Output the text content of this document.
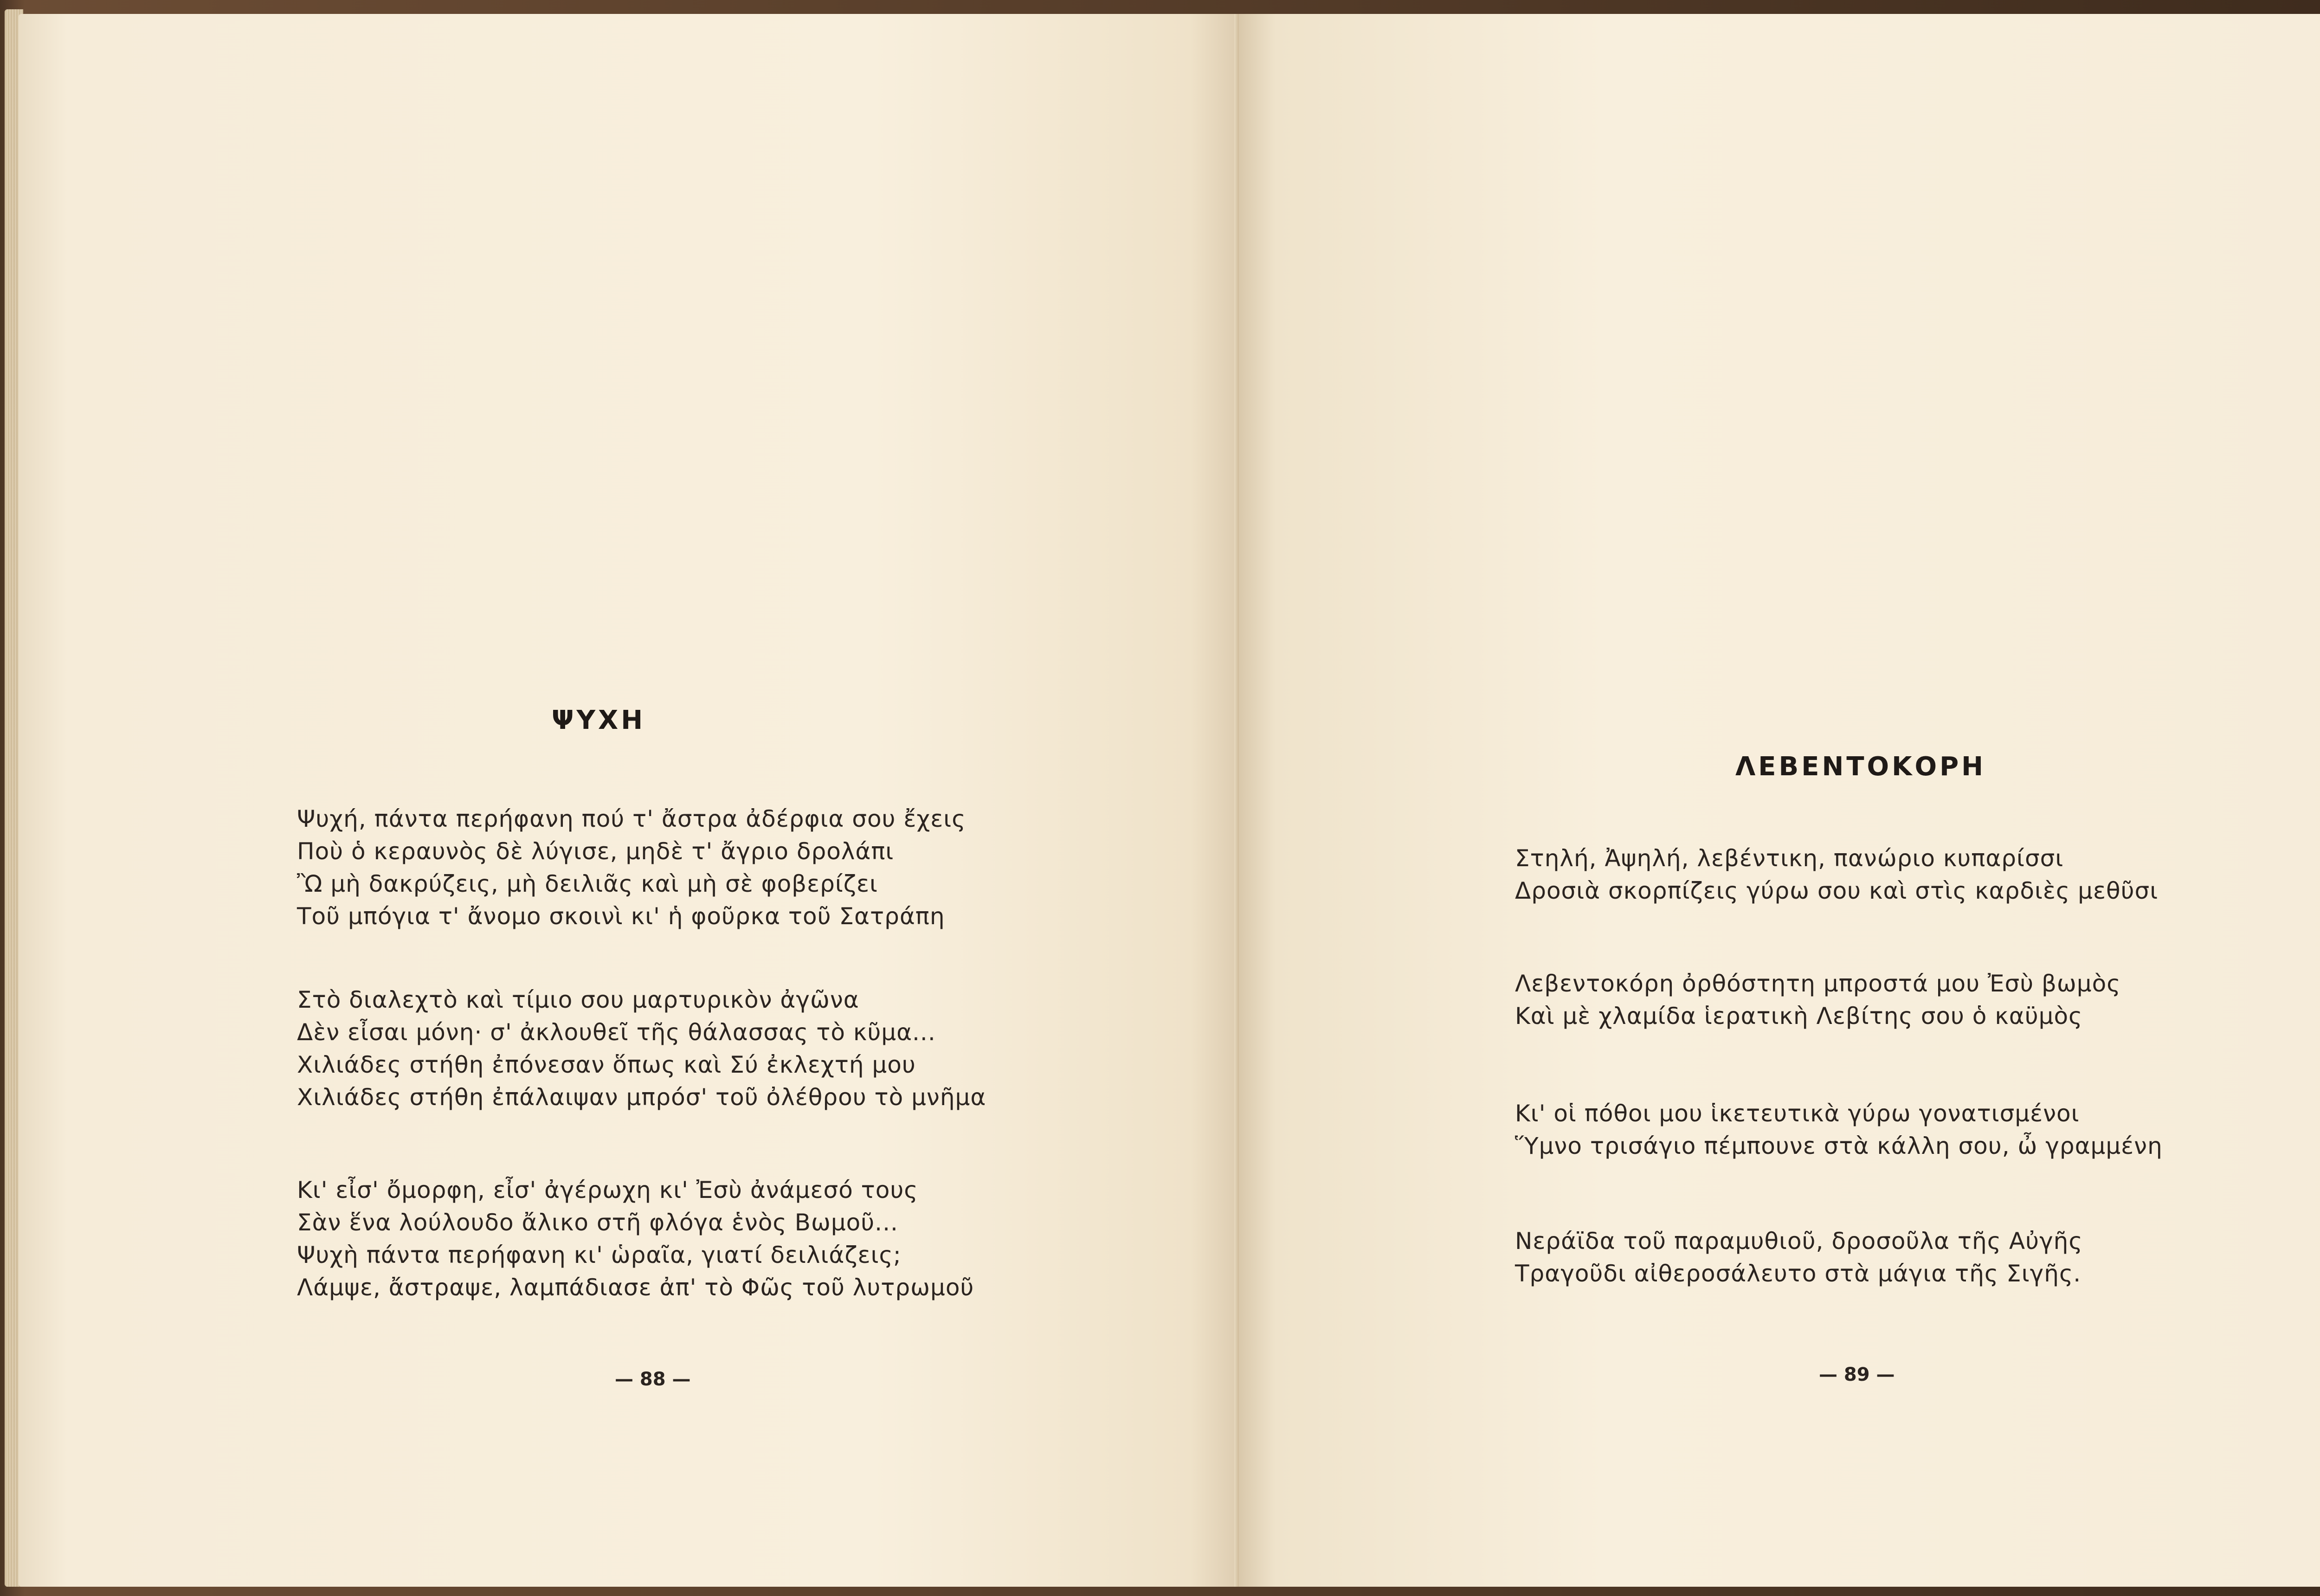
ΨΥΧΗ
Ψυχή, πάντα περήφανη πού τ' ἄστρα ἀδέρφια σου ἔχεις
Ποὺ ὁ κεραυνὸς δὲ λύγισε, μηδὲ τ' ἄγριο δρολάπι
Ὢ μὴ δακρύζεις, μὴ δειλιᾶς καὶ μὴ σὲ φοβερίζει
Τοῦ μπόγια τ' ἄνομο σκοινὶ κι' ἡ φοῦρκα τοῦ Σατράπη
Στὸ διαλεχτὸ καὶ τίμιο σου μαρτυρικὸν ἀγῶνα
Δὲν εἶσαι μόνη· σ' ἀκλουθεῖ τῆς θάλασσας τὸ κῦμα...
Χιλιάδες στήθη ἐπόνεσαν ὅπως καὶ Σύ ἐκλεχτή μου
Χιλιάδες στήθη ἐπάλαιψαν μπρόσ' τοῦ ὀλέθρου τὸ μνῆμα
Κι' εἶσ' ὄμορφη, εἶσ' ἀγέρωχη κι' Ἐσὺ ἀνάμεσό τους
Σὰν ἕνα λούλουδο ἄλικο στῆ φλόγα ἑνὸς Βωμοῦ...
Ψυχὴ πάντα περήφανη κι' ὡραῖα, γιατί δειλιάζεις;
Λάμψε, ἄστραψε, λαμπάδιασε ἀπ' τὸ Φῶς τοῦ λυτρωμοῦ
— 88 —
ΛΕΒΕΝΤΟΚΟΡΗ
Στηλή, Ἀψηλή, λεβέντικη, πανώριο κυπαρίσσι
Δροσιὰ σκορπίζεις γύρω σου καὶ στὶς καρδιὲς μεθῦσι
Λεβεντοκόρη ὀρθόστητη μπροστά μου Ἐσὺ βωμὸς
Καὶ μὲ χλαμίδα ἱερατικὴ Λεβίτης σου ὁ καϋμὸς
Κι' οἱ πόθοι μου ἱκετευτικὰ γύρω γονατισμένοι
Ὕμνο τρισάγιο πέμπουνε στὰ κάλλη σου, ὦ γραμμένη
Νεράϊδα τοῦ παραμυθιοῦ, δροσοῦλα τῆς Αὐγῆς
Τραγοῦδι αἰθεροσάλευτο στὰ μάγια τῆς Σιγῆς.
— 89 —
